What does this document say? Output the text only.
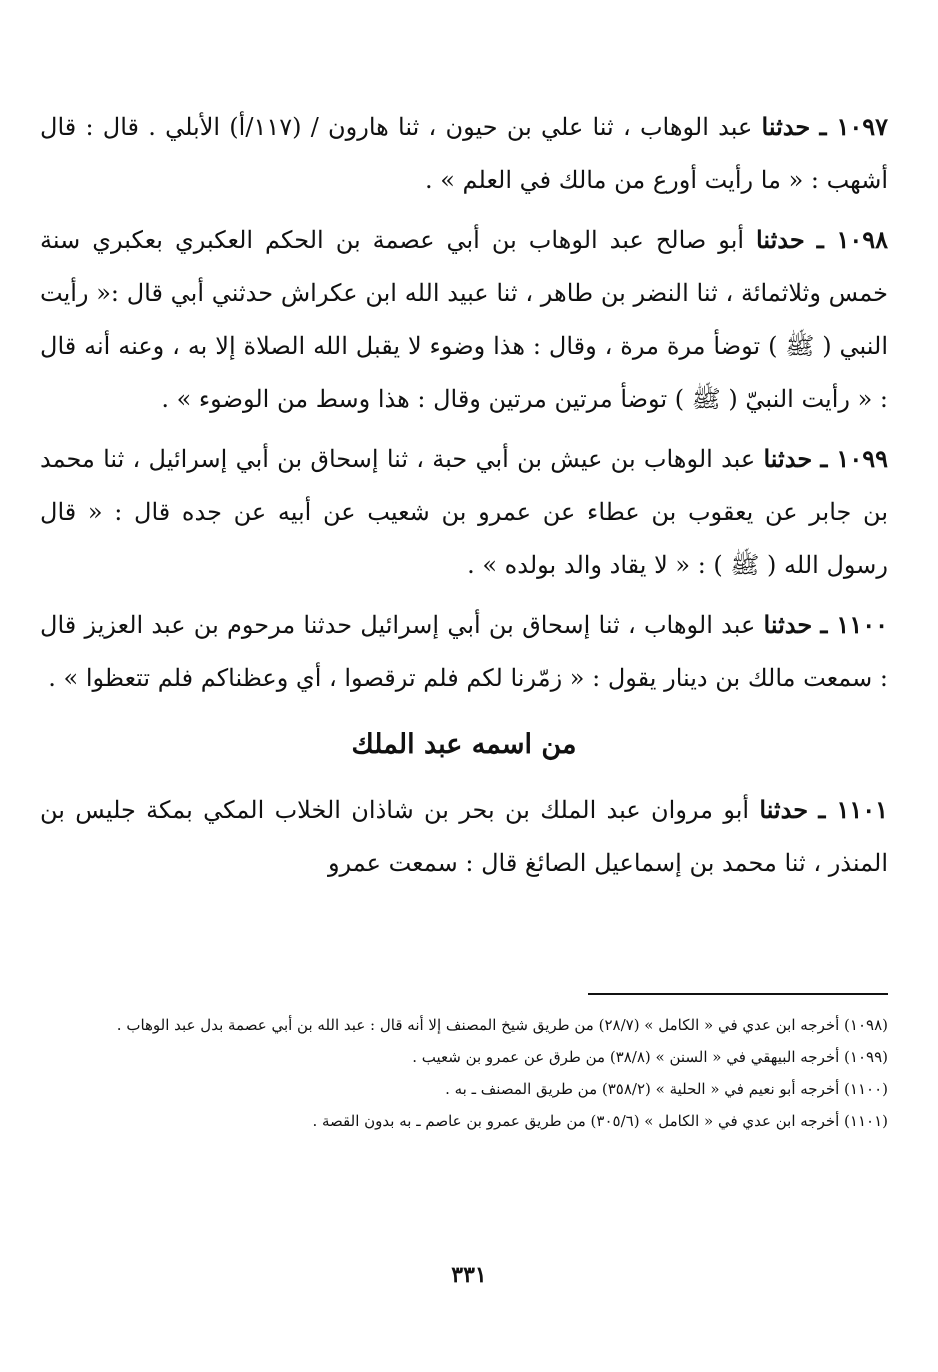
١٠٩٧ ـ حدثنا عبد الوهاب ، ثنا علي بن حيون ، ثنا هارون / (١١٧/أ) الأبلي . قال : قال أشهب : « ما رأيت أورع من مالك في العلم » .

١٠٩٨ ـ حدثنا أبو صالح عبد الوهاب بن أبي عصمة بن الحكم العكبري بعكبري سنة خمس وثلاثمائة ، ثنا النضر بن طاهر ، ثنا عبيد الله ابن عكراش حدثني أبي قال :« رأيت النبي ( ﷺ ) توضأ مرة مرة ، وقال : هذا وضوء لا يقبل الله الصلاة إلا به ، وعنه أنه قال : « رأيت النبيّ ( ﷺ ) توضأ مرتين مرتين وقال : هذا وسط من الوضوء » .

١٠٩٩ ـ حدثنا عبد الوهاب بن عيش بن أبي حبة ، ثنا إسحاق بن أبي إسرائيل ، ثنا محمد بن جابر عن يعقوب بن عطاء عن عمرو بن شعيب عن أبيه عن جده قال : « قال رسول الله ( ﷺ ) : « لا يقاد والد بولده » .

١١٠٠ ـ حدثنا عبد الوهاب ، ثنا إسحاق بن أبي إسرائيل حدثنا مرحوم بن عبد العزيز قال : سمعت مالك بن دينار يقول : « زمّرنا لكم فلم ترقصوا ، أي وعظناكم فلم تتعظوا » .

من اسمه عبد الملك

١١٠١ ـ حدثنا أبو مروان عبد الملك بن بحر بن شاذان الخلاب المكي بمكة جليس بن المنذر ، ثنا محمد بن إسماعيل الصائغ قال : سمعت عمرو

(١٠٩٨) أخرجه ابن عدي في « الكامل » (٢٨/٧) من طريق شيخ المصنف إلا أنه قال : عبد الله بن أبي عصمة بدل عبد الوهاب .

(١٠٩٩) أخرجه البيهقي في « السنن » (٣٨/٨) من طرق عن عمرو بن شعيب .

(١١٠٠) أخرجه أبو نعيم في « الحلية » (٣٥٨/٢) من طريق المصنف ـ به .

(١١٠١) أخرجه ابن عدي في « الكامل » (٣٠٥/٦) من طريق عمرو بن عاصم ـ به بدون القصة .

٣٣١
